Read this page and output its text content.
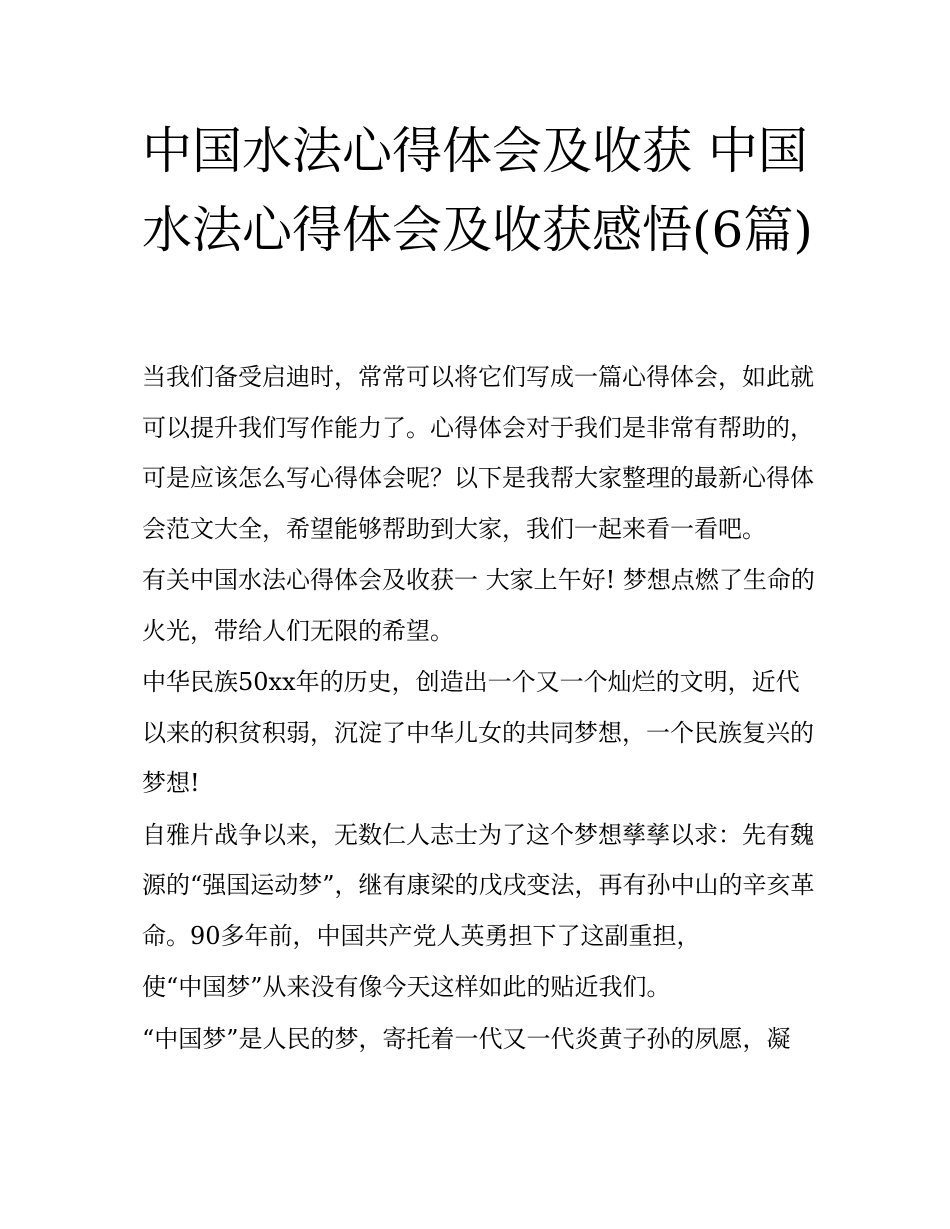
中国水法心得体会及收获 中国水法心得体会及收获感悟(6篇)

当我们备受启迪时，常常可以将它们写成一篇心得体会，如此就可以提升我们写作能力了。心得体会对于我们是非常有帮助的，可是应该怎么写心得体会呢？以下是我帮大家整理的最新心得体会范文大全，希望能够帮助到大家，我们一起来看一看吧。

有关中国水法心得体会及收获一 大家上午好! 梦想点燃了生命的火光，带给人们无限的希望。

中华民族50xx年的历史，创造出一个又一个灿烂的文明，近代以来的积贫积弱，沉淀了中华儿女的共同梦想，一个民族复兴的梦想!

自雅片战争以来，无数仁人志士为了这个梦想孳孳以求：先有魏源的“强国运动梦”，继有康梁的戊戌变法，再有孙中山的辛亥革命。90多年前，中国共产党人英勇担下了这副重担，

使“中国梦”从来没有像今天这样如此的贴近我们。

“中国梦”是人民的梦，寄托着一代又一代炎黄子孙的夙愿，凝
